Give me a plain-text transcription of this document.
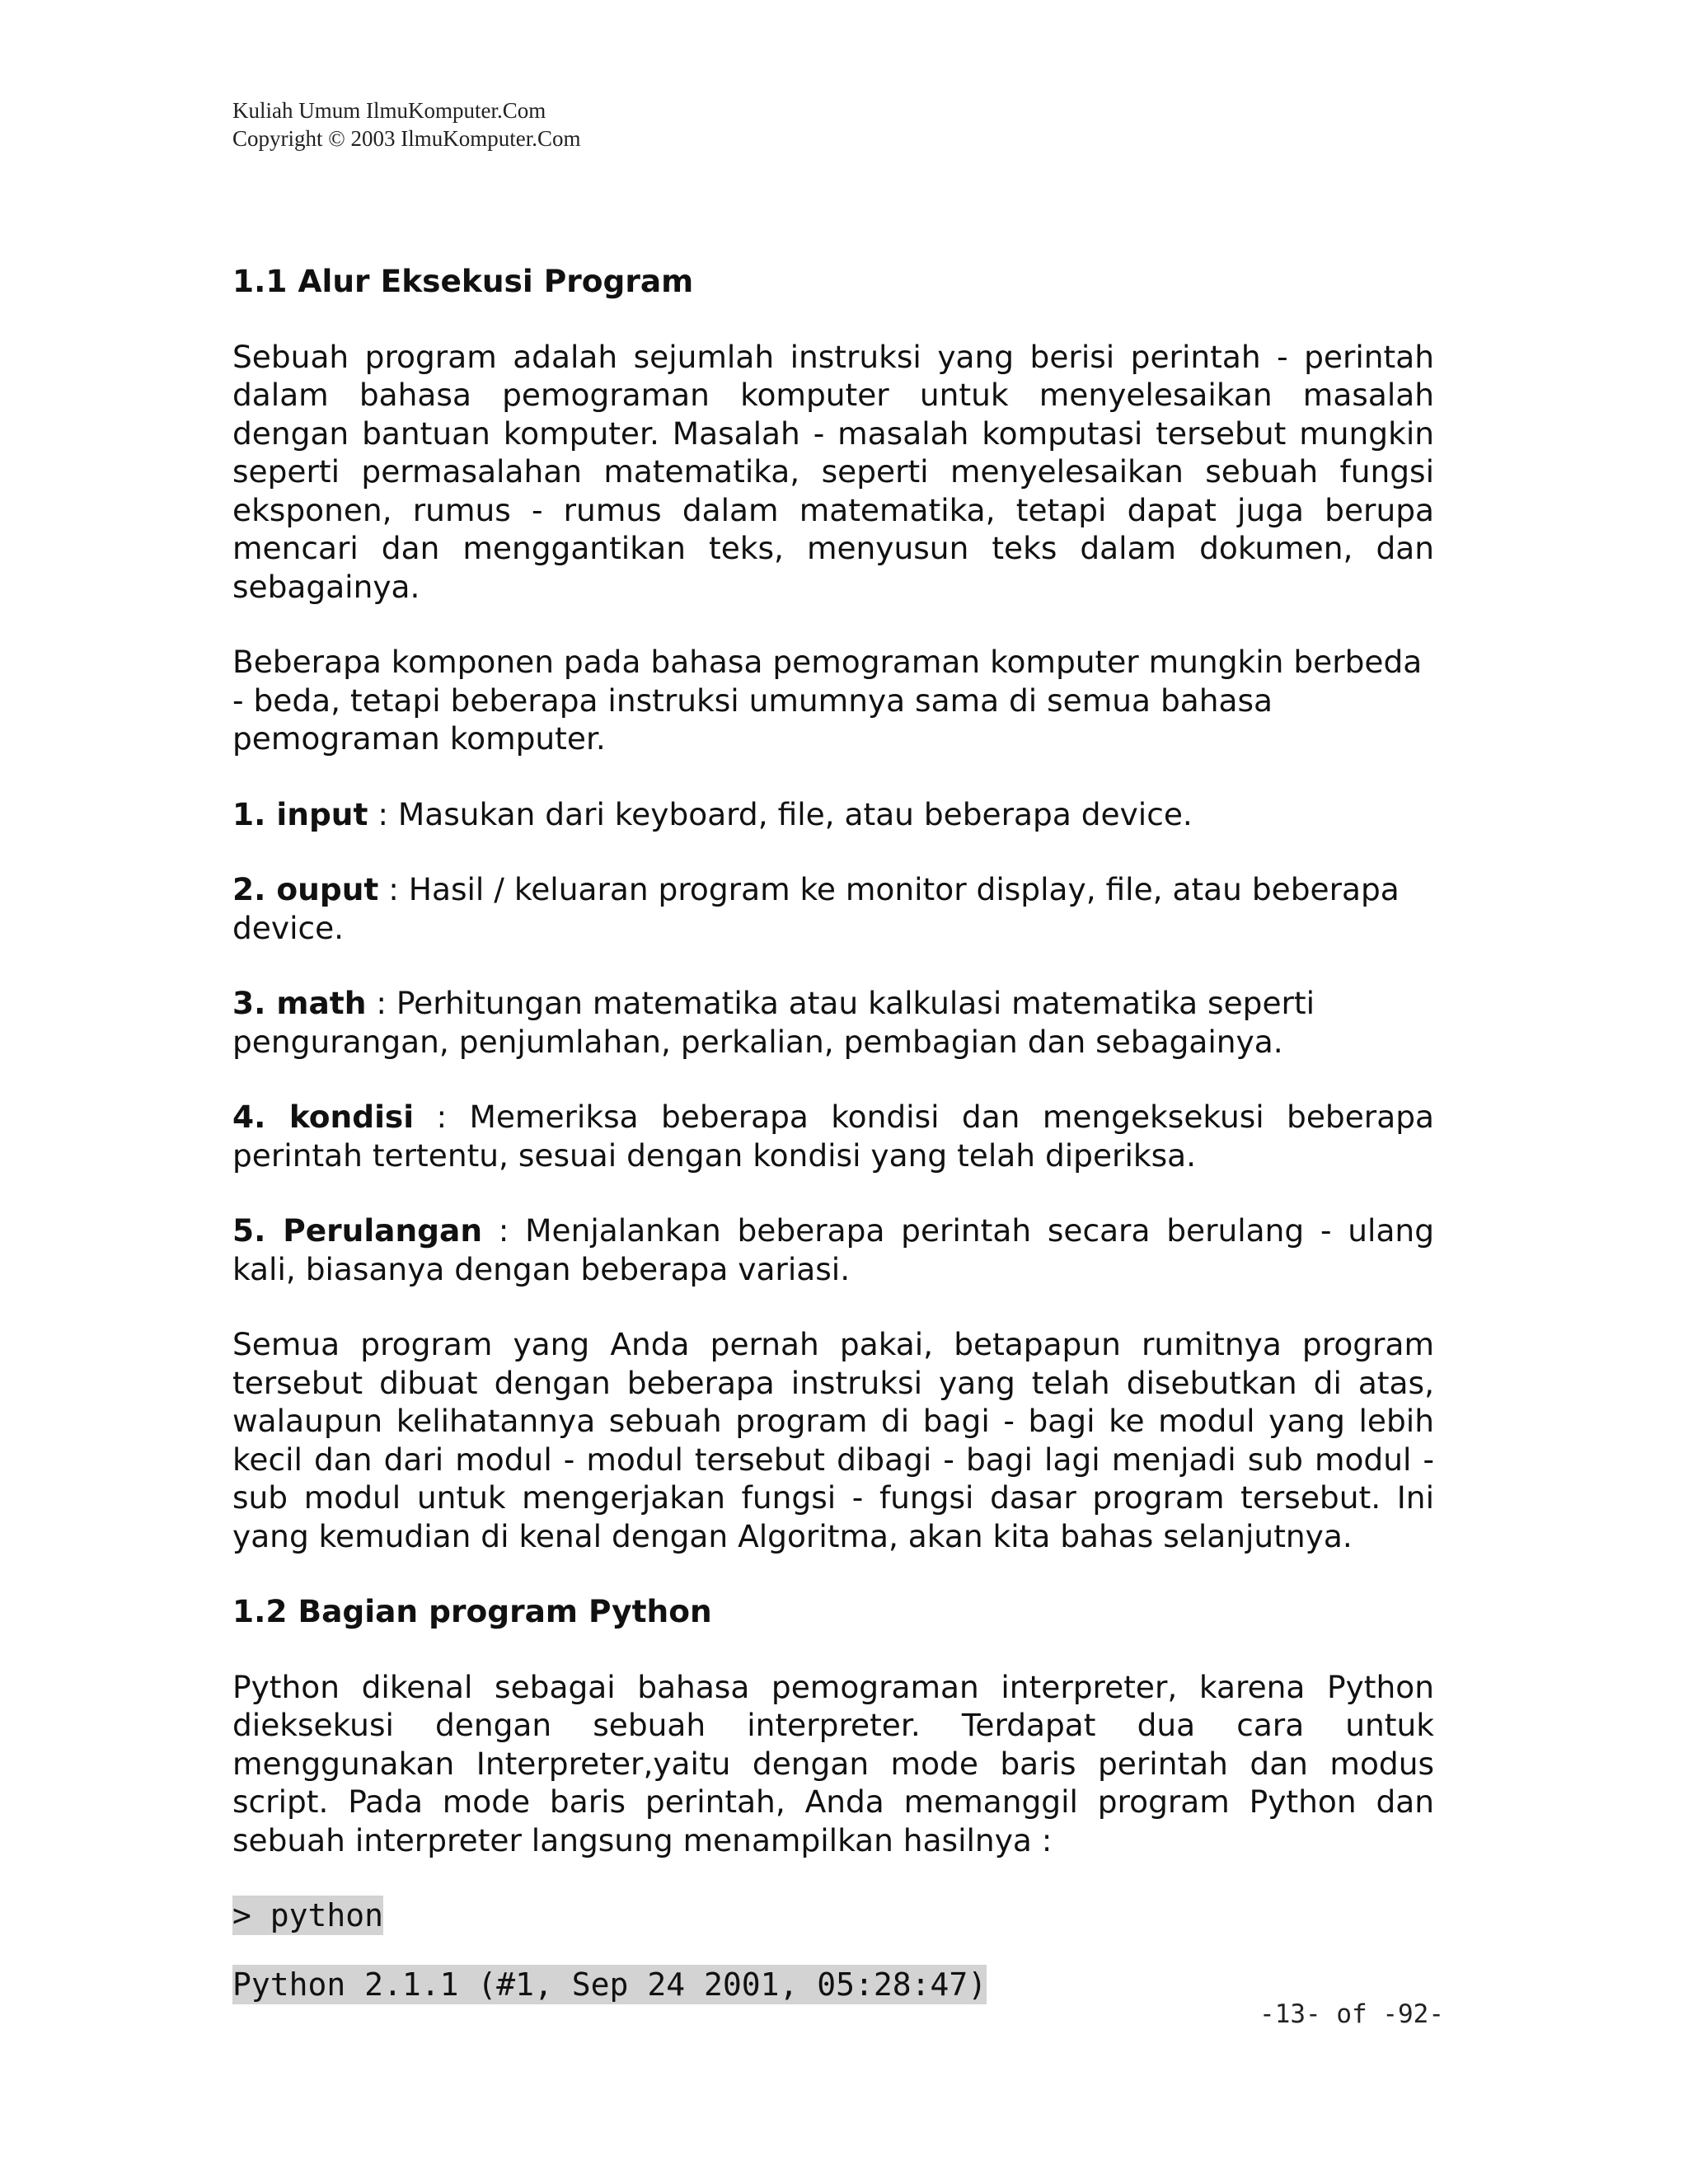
Kuliah Umum IlmuKomputer.Com
Copyright © 2003 IlmuKomputer.Com
1.1 Alur Eksekusi Program

Sebuah program adalah sejumlah instruksi yang berisi perintah - perintah dalam bahasa pemograman komputer untuk menyelesaikan masalah dengan bantuan komputer. Masalah - masalah komputasi tersebut mungkin seperti permasalahan matematika, seperti menyelesaikan sebuah fungsi eksponen, rumus - rumus dalam matematika, tetapi dapat juga berupa mencari dan menggantikan teks, menyusun teks dalam dokumen, dan sebagainya.

Beberapa komponen pada bahasa pemograman komputer mungkin berbeda - beda, tetapi beberapa instruksi umumnya sama di semua bahasa pemograman komputer.

1. input : Masukan dari keyboard, file, atau beberapa device.
2. ouput : Hasil / keluaran program ke monitor display, file, atau beberapa device.
3. math : Perhitungan matematika atau kalkulasi matematika seperti pengurangan, penjumlahan, perkalian, pembagian dan sebagainya.
4. kondisi : Memeriksa beberapa kondisi dan mengeksekusi beberapa perintah tertentu, sesuai dengan kondisi yang telah diperiksa.
5. Perulangan : Menjalankan beberapa perintah secara berulang - ulang kali, biasanya dengan beberapa variasi.

Semua program yang Anda pernah pakai, betapapun rumitnya program tersebut dibuat dengan beberapa instruksi yang telah disebutkan di atas, walaupun kelihatannya sebuah program di bagi - bagi ke modul yang lebih kecil dan dari modul - modul tersebut dibagi - bagi lagi menjadi sub modul - sub modul untuk mengerjakan fungsi - fungsi dasar program tersebut. Ini yang kemudian di kenal dengan Algoritma, akan kita bahas selanjutnya.

1.2 Bagian program Python

Python dikenal sebagai bahasa pemograman interpreter, karena Python dieksekusi dengan sebuah interpreter. Terdapat dua cara untuk menggunakan Interpreter,yaitu dengan mode baris perintah dan modus script. Pada mode baris perintah, Anda memanggil program Python dan sebuah interpreter langsung menampilkan hasilnya :

> python
Python 2.1.1 (#1, Sep 24 2001, 05:28:47)
-13- of -92-
